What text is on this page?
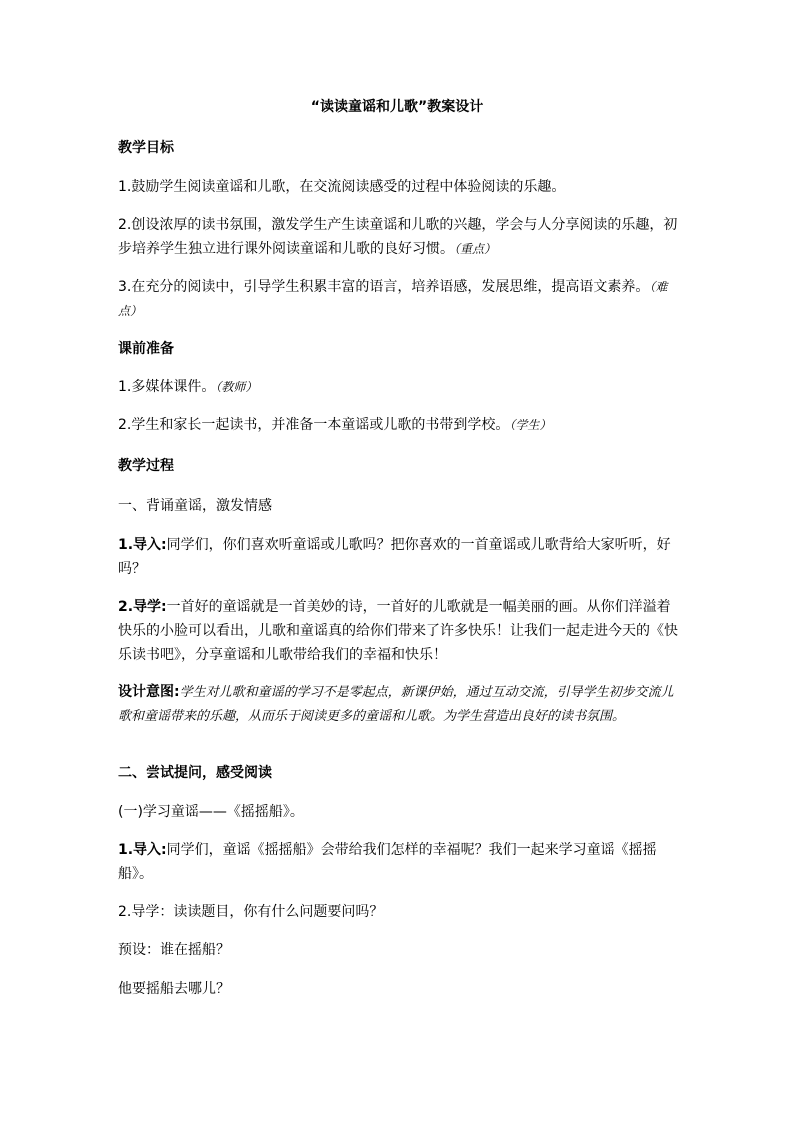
“读读童谣和儿歌”教案设计

教学目标

1.鼓励学生阅读童谣和儿歌，在交流阅读感受的过程中体验阅读的乐趣。

2.创设浓厚的读书氛围，激发学生产生读童谣和儿歌的兴趣，学会与人分享阅读的乐趣，初步培养学生独立进行课外阅读童谣和儿歌的良好习惯。（重点）

3.在充分的阅读中，引导学生积累丰富的语言，培养语感，发展思维，提高语文素养。（难点）

课前准备

1.多媒体课件。（教师）

2.学生和家长一起读书，并准备一本童谣或儿歌的书带到学校。（学生）

教学过程

一、背诵童谣，激发情感

1.导入:同学们，你们喜欢听童谣或儿歌吗？把你喜欢的一首童谣或儿歌背给大家听听，好吗？

2.导学:一首好的童谣就是一首美妙的诗，一首好的儿歌就是一幅美丽的画。从你们洋溢着快乐的小脸可以看出，儿歌和童谣真的给你们带来了许多快乐！让我们一起走进今天的《快乐读书吧》，分享童谣和儿歌带给我们的幸福和快乐！

设计意图:学生对儿歌和童谣的学习不是零起点，新课伊始，通过互动交流，引导学生初步交流儿歌和童谣带来的乐趣，从而乐于阅读更多的童谣和儿歌。为学生营造出良好的读书氛围。

二、尝试提问，感受阅读

(一)学习童谣——《摇摇船》。

1.导入:同学们，童谣《摇摇船》会带给我们怎样的幸福呢？我们一起来学习童谣《摇摇船》。

2.导学：读读题目，你有什么问题要问吗？

预设：谁在摇船？

他要摇船去哪儿？
